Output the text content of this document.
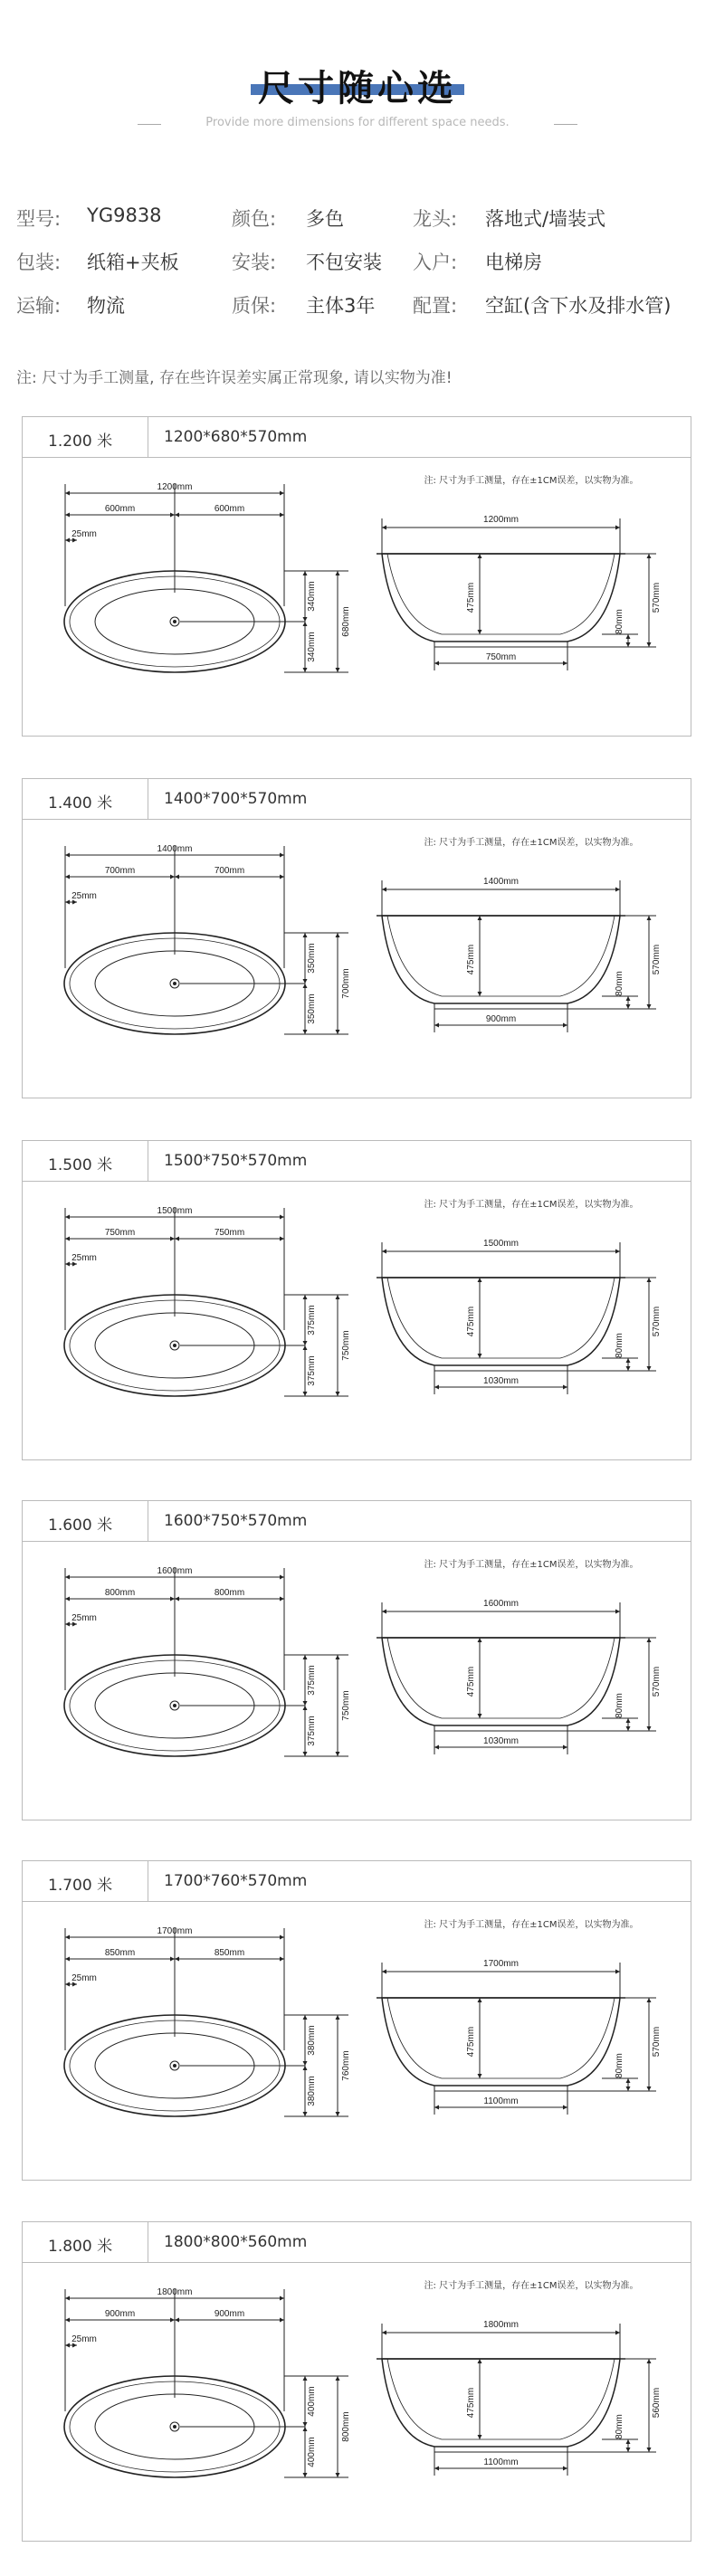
尺寸随心选
Provide more dimensions for different space needs.
型号: YG9838	颜色: 多色	龙头: 落地式/墙装式
包装: 纸箱+夹板	安装: 不包安装 入户: 电梯房
运输: 物流	质保: 主体3年 配置: 空缸(含下水及排水管)
注: 尺寸为手工测量, 存在些许误差实属正常现象, 请以实物为准!
1.200 米	1200*680*570mm
1200mm
600mm	600mm
25mm
340mm
340mm
680mm
注: 尺寸为手工测量，存在±1CM误差，以实物为准。
1200mm
475mm
750mm
80mm
570mm
1.400 米	1400*700*570mm
1400mm
700mm	700mm
25mm
350mm
350mm
700mm
注: 尺寸为手工测量，存在±1CM误差，以实物为准。
1400mm
475mm
900mm
80mm
570mm
1.500 米	1500*750*570mm
1500mm
750mm	750mm
25mm
375mm
375mm
750mm
注: 尺寸为手工测量，存在±1CM误差，以实物为准。
1500mm
475mm
1030mm
80mm
570mm
1.600 米	1600*750*570mm
1600mm
800mm	800mm
25mm
375mm
375mm
750mm
注: 尺寸为手工测量，存在±1CM误差，以实物为准。
1600mm
475mm
1030mm
80mm
570mm
1.700 米	1700*760*570mm
1700mm
850mm	850mm
25mm
380mm
380mm
760mm
注: 尺寸为手工测量，存在±1CM误差，以实物为准。
1700mm
475mm
1100mm
80mm
570mm
1.800 米	1800*800*560mm
1800mm
900mm	900mm
25mm
400mm
400mm
800mm
注: 尺寸为手工测量，存在±1CM误差，以实物为准。
1800mm
475mm
1100mm
80mm
560mm
